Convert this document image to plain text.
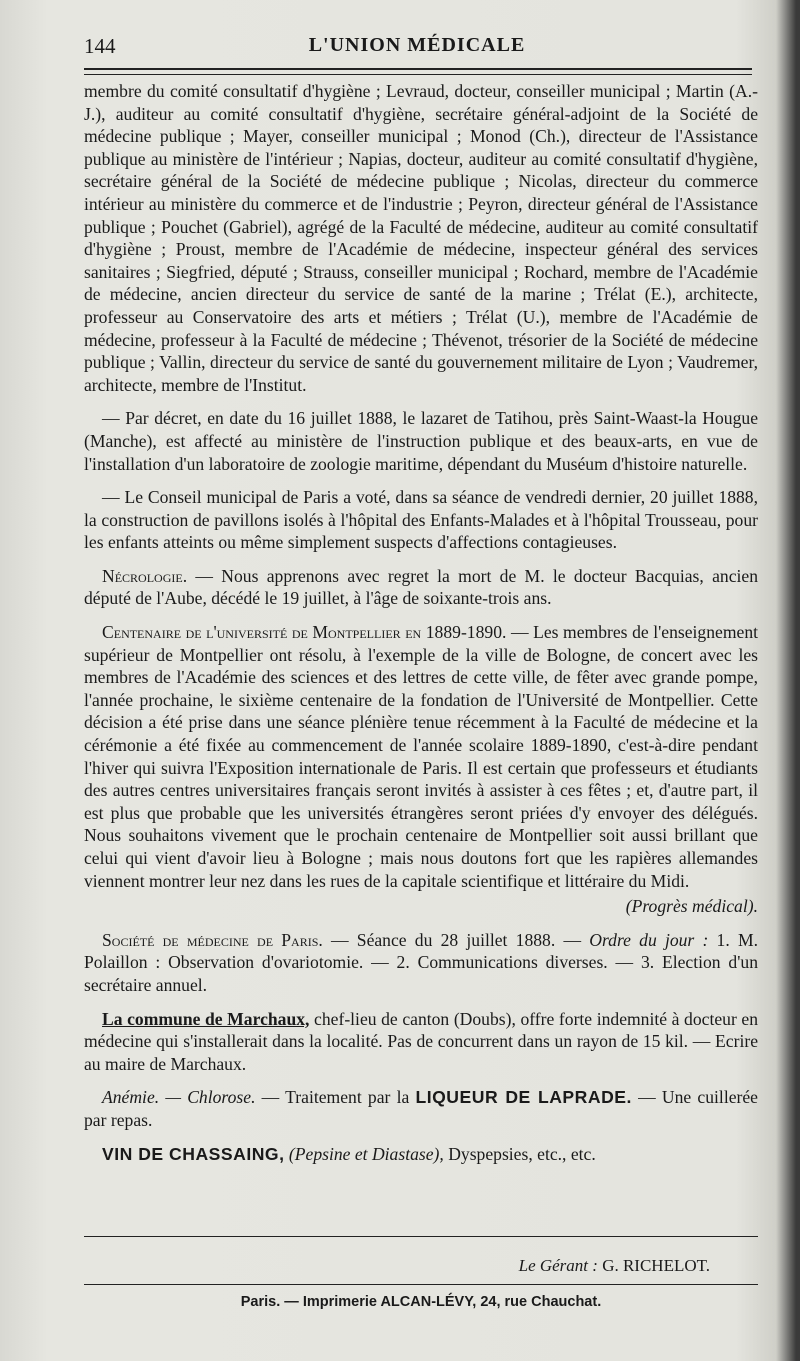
144	L'UNION MÉDICALE

membre du comité consultatif d'hygiène ; Levraud, docteur, conseiller municipal ; Martin (A.-J.), auditeur au comité consultatif d'hygiène, secrétaire général-adjoint de la Société de médecine publique ; Mayer, conseiller municipal ; Monod (Ch.), directeur de l'Assistance publique au ministère de l'intérieur ; Napias, docteur, auditeur au comité consultatif d'hygiène, secrétaire général de la Société de médecine publique ; Nicolas, directeur du commerce intérieur au ministère du commerce et de l'industrie ; Peyron, directeur général de l'Assistance publique ; Pouchet (Gabriel), agrégé de la Faculté de médecine, auditeur au comité consultatif d'hygiène ; Proust, membre de l'Académie de médecine, inspecteur général des services sanitaires ; Siegfried, député ; Strauss, conseiller municipal ; Rochard, membre de l'Académie de médecine, ancien directeur du service de santé de la marine ; Trélat (E.), architecte, professeur au Conservatoire des arts et métiers ; Trélat (U.), membre de l'Académie de médecine, professeur à la Faculté de médecine ; Thévenot, trésorier de la Société de médecine publique ; Vallin, directeur du service de santé du gouvernement militaire de Lyon ; Vaudremer, architecte, membre de l'Institut.

— Par décret, en date du 16 juillet 1888, le lazaret de Tatihou, près Saint-Waast-la Hougue (Manche), est affecté au ministère de l'instruction publique et des beaux-arts, en vue de l'installation d'un laboratoire de zoologie maritime, dépendant du Muséum d'histoire naturelle.

— Le Conseil municipal de Paris a voté, dans sa séance de vendredi dernier, 20 juillet 1888, la construction de pavillons isolés à l'hôpital des Enfants-Malades et à l'hôpital Trousseau, pour les enfants atteints ou même simplement suspects d'affections contagieuses.

Nécrologie. — Nous apprenons avec regret la mort de M. le docteur Bacquias, ancien député de l'Aube, décédé le 19 juillet, à l'âge de soixante-trois ans.

Centenaire de l'université de Montpellier en 1889-1890. — Les membres de l'enseignement supérieur de Montpellier ont résolu, à l'exemple de la ville de Bologne, de concert avec les membres de l'Académie des sciences et des lettres de cette ville, de fêter avec grande pompe, l'année prochaine, le sixième centenaire de la fondation de l'Université de Montpellier. Cette décision a été prise dans une séance plénière tenue récemment à la Faculté de médecine et la cérémonie a été fixée au commencement de l'année scolaire 1889-1890, c'est-à-dire pendant l'hiver qui suivra l'Exposition internationale de Paris. Il est certain que professeurs et étudiants des autres centres universitaires français seront invités à assister à ces fêtes ; et, d'autre part, il est plus que probable que les universités étrangères seront priées d'y envoyer des délégués. Nous souhaitons vivement que le prochain centenaire de Montpellier soit aussi brillant que celui qui vient d'avoir lieu à Bologne ; mais nous doutons fort que les rapières allemandes viennent montrer leur nez dans les rues de la capitale scientifique et littéraire du Midi.

(Progrès médical).

Société de médecine de Paris. — Séance du 28 juillet 1888. — Ordre du jour : 1. M. Polaillon : Observation d'ovariotomie. — 2. Communications diverses. — 3. Election d'un secrétaire annuel.

La commune de Marchaux, chef-lieu de canton (Doubs), offre forte indemnité à docteur en médecine qui s'installerait dans la localité. Pas de concurrent dans un rayon de 15 kil. — Ecrire au maire de Marchaux.

Anémie. — Chlorose. — Traitement par la LIQUEUR DE LAPRADE. — Une cuillerée par repas.

VIN DE CHASSAING, (Pepsine et Diastase), Dyspepsies, etc., etc.

Le Gérant : G. RICHELOT.
Paris. — Imprimerie ALCAN-LÉVY, 24, rue Chauchat.
